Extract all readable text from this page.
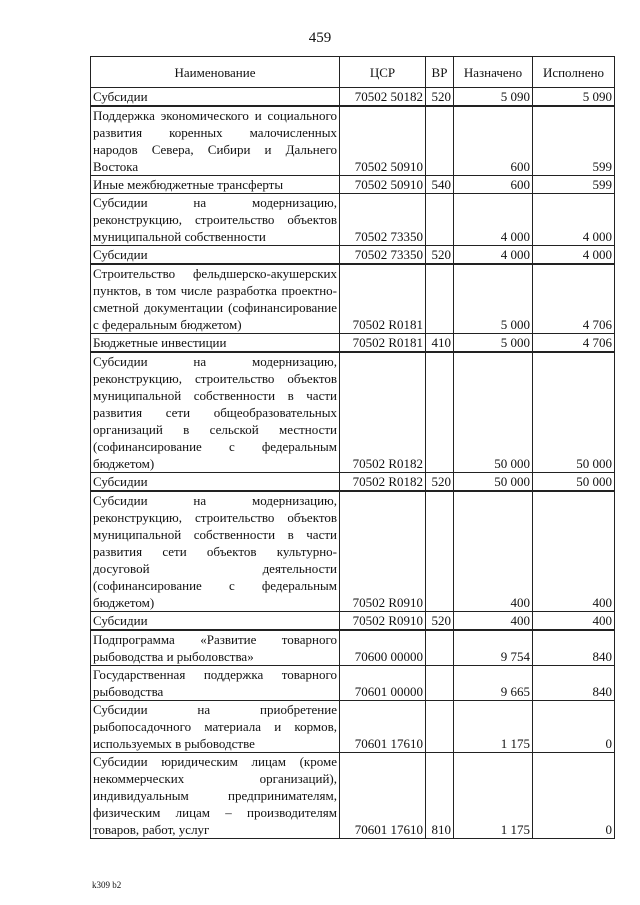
459
Наименование	ЦСР	ВР	Назначено	Исполнено
Субсидии	70502 50182	520	5 090	5 090
Поддержка экономического и социального развития коренных малочисленных народов Севера, Сибири и Дальнего Востока	70502 50910		600	599
Иные межбюджетные трансферты	70502 50910	540	600	599
Субсидии на модернизацию, реконструкцию, строительство объектов муниципальной собственности	70502 73350		4 000	4 000
Субсидии	70502 73350	520	4 000	4 000
Строительство фельдшерско-акушерских пунктов, в том числе разработка проектно-сметной документации (софинансирование с федеральным бюджетом)	70502 R0181		5 000	4 706
Бюджетные инвестиции	70502 R0181	410	5 000	4 706
Субсидии на модернизацию, реконструкцию, строительство объектов муниципальной собственности в части развития сети общеобразовательных организаций в сельской местности (софинансирование с федеральным бюджетом)	70502 R0182		50 000	50 000
Субсидии	70502 R0182	520	50 000	50 000
Субсидии на модернизацию, реконструкцию, строительство объектов муниципальной собственности в части развития сети объектов культурно-досуговой деятельности (софинансирование с федеральным бюджетом)	70502 R0910		400	400
Субсидии	70502 R0910	520	400	400
Подпрограмма «Развитие товарного рыбоводства и рыболовства»	70600 00000		9 754	840
Государственная поддержка товарного рыбоводства	70601 00000		9 665	840
Субсидии на приобретение рыбопосадочного материала и кормов, используемых в рыбоводстве	70601 17610		1 175	0
Субсидии юридическим лицам (кроме некоммерческих организаций), индивидуальным предпринимателям, физическим лицам – производителям товаров, работ, услуг	70601 17610	810	1 175	0
k309 b2
